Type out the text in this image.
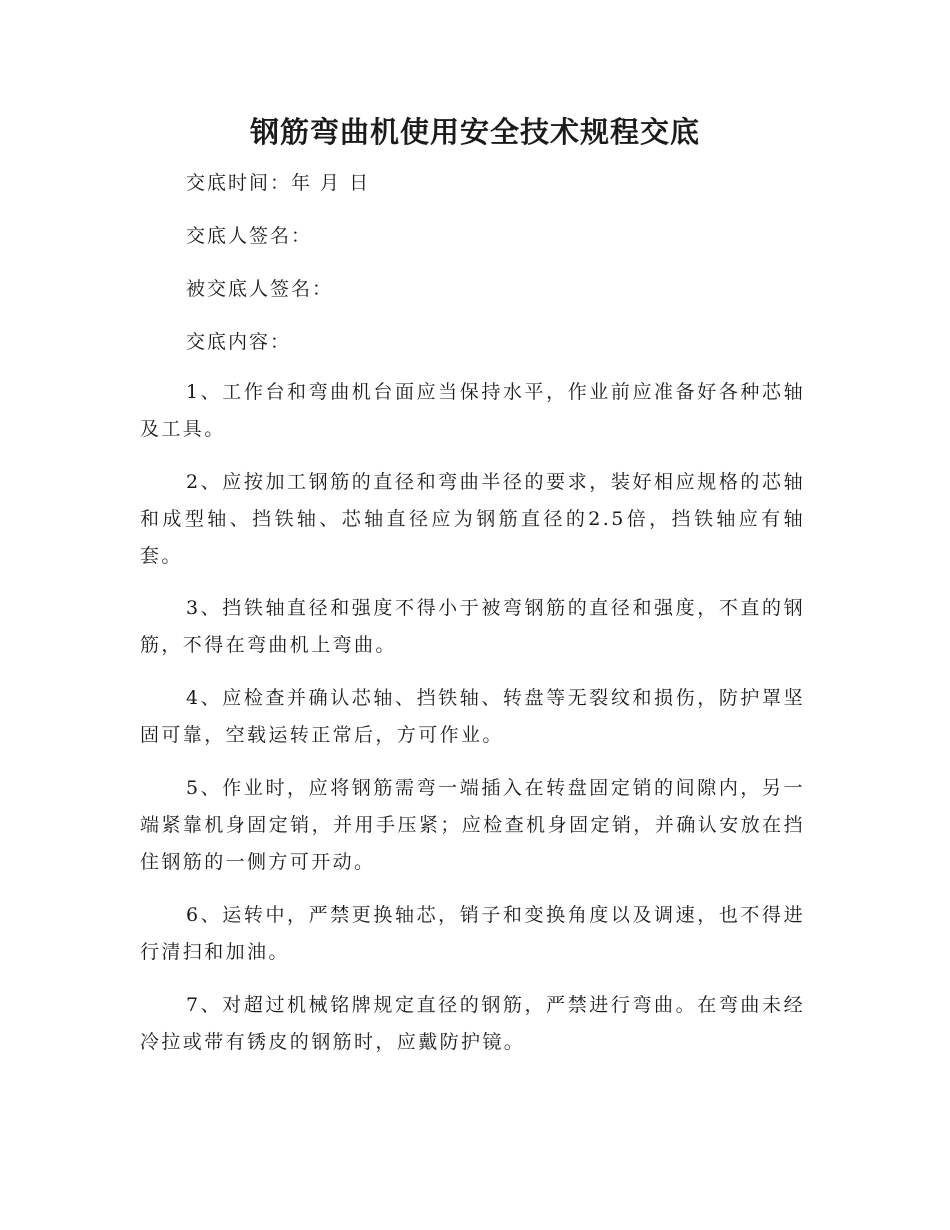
钢筋弯曲机使用安全技术规程交底
交底时间：年 月 日
交底人签名：
被交底人签名：
交底内容：

1、工作台和弯曲机台面应当保持水平，作业前应准备好各种芯轴及工具。

2、应按加工钢筋的直径和弯曲半径的要求，装好相应规格的芯轴和成型轴、挡铁轴、芯轴直径应为钢筋直径的2.5倍，挡铁轴应有轴套。

3、挡铁轴直径和强度不得小于被弯钢筋的直径和强度，不直的钢筋，不得在弯曲机上弯曲。

4、应检查并确认芯轴、挡铁轴、转盘等无裂纹和损伤，防护罩坚固可靠，空载运转正常后，方可作业。

5、作业时，应将钢筋需弯一端插入在转盘固定销的间隙内，另一端紧靠机身固定销，并用手压紧；应检查机身固定销，并确认安放在挡住钢筋的一侧方可开动。

6、运转中，严禁更换轴芯，销子和变换角度以及调速，也不得进行清扫和加油。

7、对超过机械铭牌规定直径的钢筋，严禁进行弯曲。在弯曲未经冷拉或带有锈皮的钢筋时，应戴防护镜。
